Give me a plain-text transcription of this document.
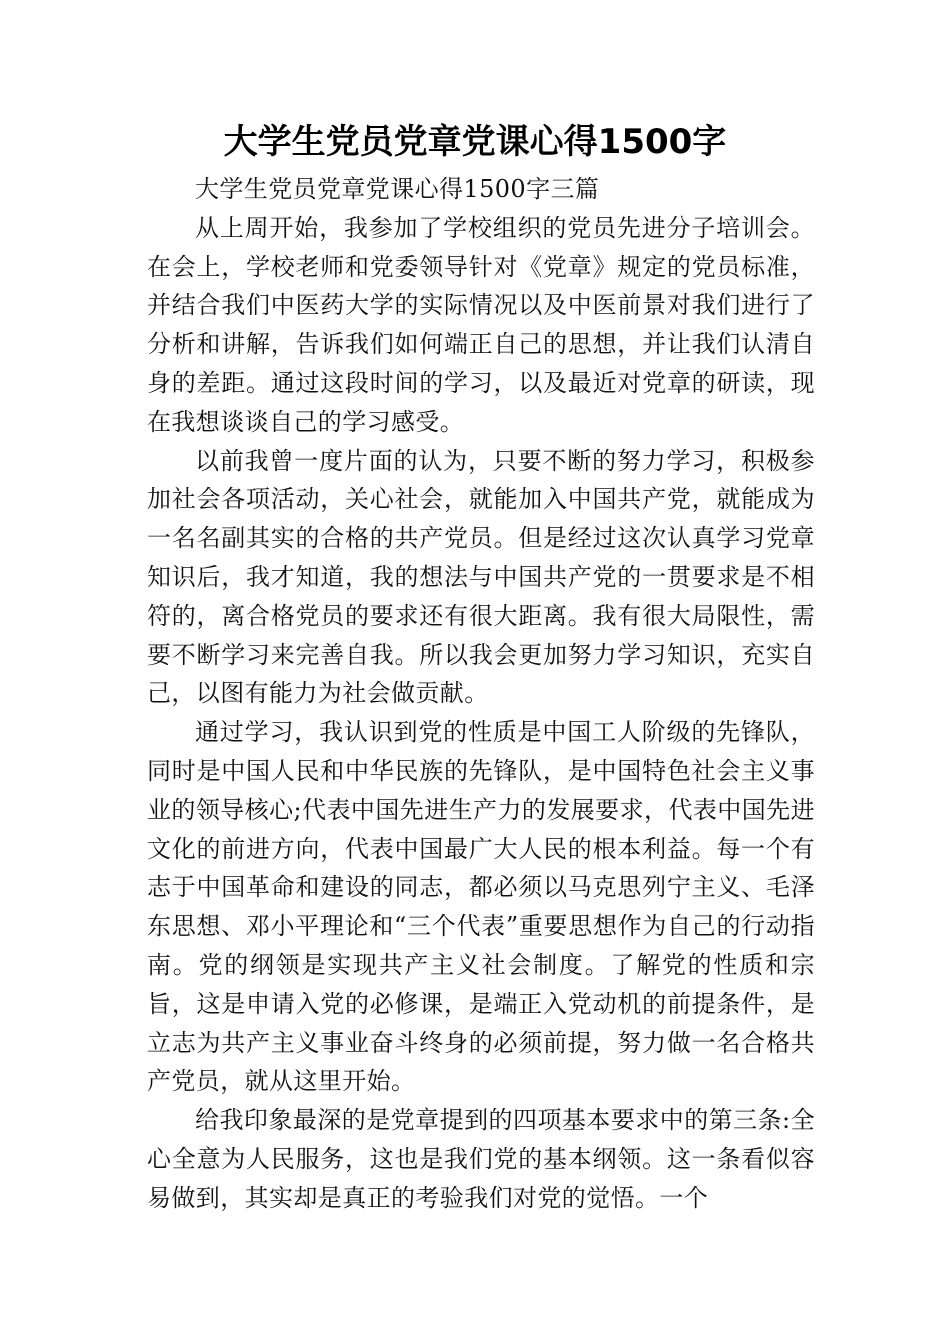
大学生党员党章党课心得1500字

大学生党员党章党课心得1500字三篇

从上周开始，我参加了学校组织的党员先进分子培训会。在会上，学校老师和党委领导针对《党章》规定的党员标准，并结合我们中医药大学的实际情况以及中医前景对我们进行了分析和讲解，告诉我们如何端正自己的思想，并让我们认清自身的差距。通过这段时间的学习，以及最近对党章的研读，现在我想谈谈自己的学习感受。

以前我曾一度片面的认为，只要不断的努力学习，积极参加社会各项活动，关心社会，就能加入中国共产党，就能成为一名名副其实的合格的共产党员。但是经过这次认真学习党章知识后，我才知道，我的想法与中国共产党的一贯要求是不相符的，离合格党员的要求还有很大距离。我有很大局限性，需要不断学习来完善自我。所以我会更加努力学习知识，充实自己，以图有能力为社会做贡献。

通过学习，我认识到党的性质是中国工人阶级的先锋队，同时是中国人民和中华民族的先锋队，是中国特色社会主义事业的领导核心;代表中国先进生产力的发展要求，代表中国先进文化的前进方向，代表中国最广大人民的根本利益。每一个有志于中国革命和建设的同志，都必须以马克思列宁主义、毛泽东思想、邓小平理论和“三个代表”重要思想作为自己的行动指南。党的纲领是实现共产主义社会制度。了解党的性质和宗旨，这是申请入党的必修课，是端正入党动机的前提条件，是立志为共产主义事业奋斗终身的必须前提，努力做一名合格共产党员，就从这里开始。

给我印象最深的是党章提到的四项基本要求中的第三条:全心全意为人民服务，这也是我们党的基本纲领。这一条看似容易做到，其实却是真正的考验我们对党的觉悟。一个
